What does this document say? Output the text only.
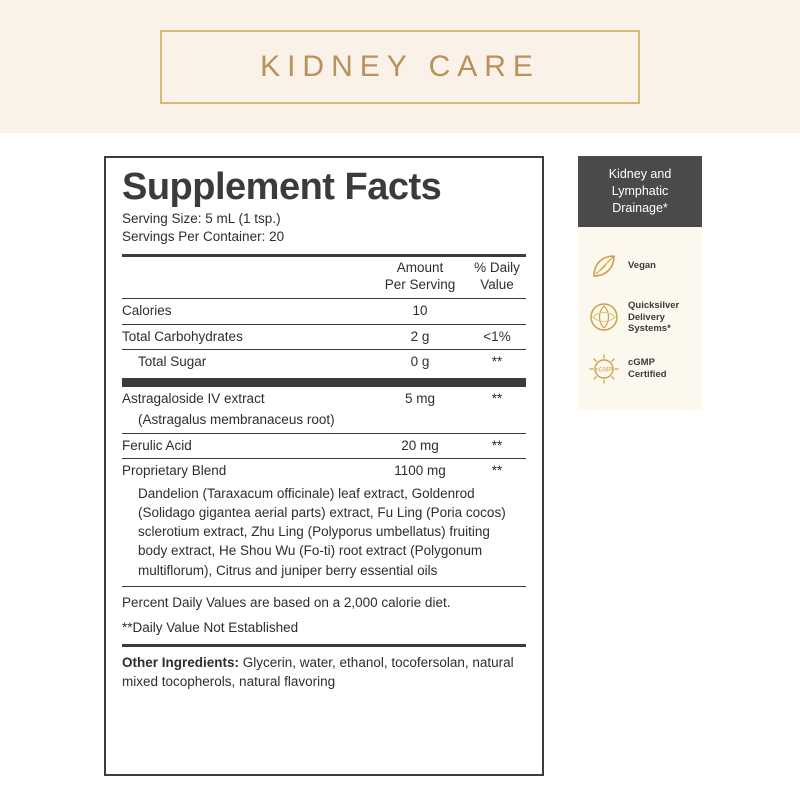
KIDNEY CARE
Supplement Facts
Serving Size: 5 mL (1 tsp.)
Servings Per Container: 20
Amount
Per Serving
% Daily
Value
Calories	10
Total Carbohydrates	2 g	<1%
Total Sugar	0 g	**
Astragaloside IV extract	5 mg	**
(Astragalus membranaceus root)
Ferulic Acid	20 mg	**
Proprietary Blend	1100 mg	**
Dandelion (Taraxacum officinale) leaf extract, Goldenrod (Solidago gigantea aerial parts) extract, Fu Ling (Poria cocos) sclerotium extract, Zhu Ling (Polyporus umbellatus) fruiting body extract, He Shou Wu (Fo-ti) root extract (Polygonum multiflorum), Citrus and juniper berry essential oils
Percent Daily Values are based on a 2,000 calorie diet.
**Daily Value Not Established
Other Ingredients: Glycerin, water, ethanol, tocofersolan, natural mixed tocopherols, natural flavoring
Kidney and
Lymphatic
Drainage*
Vegan
Quicksilver
Delivery
Systems*
cGMP
cGMP
Certified
